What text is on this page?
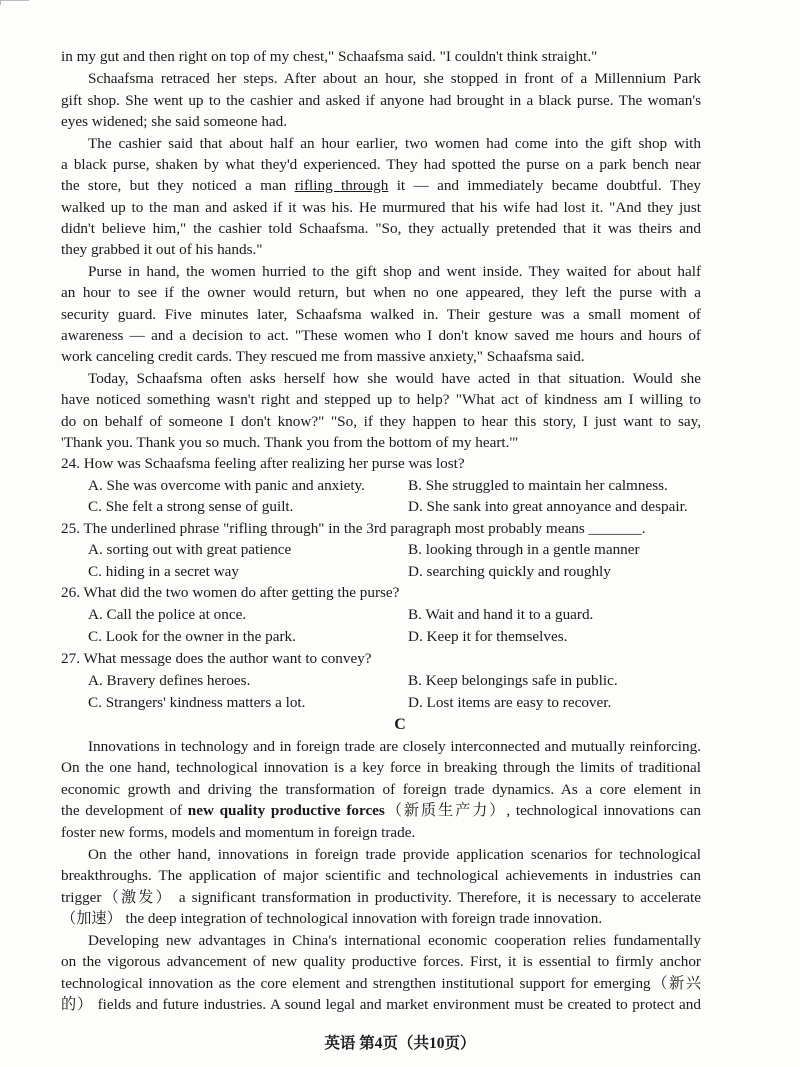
in my gut and then right on top of my chest," Schaafsma said. "I couldn't think straight."
Schaafsma retraced her steps. After about an hour, she stopped in front of a Millennium Park
gift shop. She went up to the cashier and asked if anyone had brought in a black purse. The woman's
eyes widened; she said someone had.
The cashier said that about half an hour earlier, two women had come into the gift shop with
a black purse, shaken by what they'd experienced. They had spotted the purse on a park bench near
the store, but they noticed a man rifling through it — and immediately became doubtful. They
walked up to the man and asked if it was his. He murmured that his wife had lost it. "And they just
didn't believe him," the cashier told Schaafsma. "So, they actually pretended that it was theirs and
they grabbed it out of his hands."
Purse in hand, the women hurried to the gift shop and went inside. They waited for about half
an hour to see if the owner would return, but when no one appeared, they left the purse with a
security guard. Five minutes later, Schaafsma walked in. Their gesture was a small moment of
awareness — and a decision to act. "These women who I don't know saved me hours and hours of
work canceling credit cards. They rescued me from massive anxiety," Schaafsma said.
Today, Schaafsma often asks herself how she would have acted in that situation. Would she
have noticed something wasn't right and stepped up to help? "What act of kindness am I willing to
do on behalf of someone I don't know?" "So, if they happen to hear this story, I just want to say,
'Thank you. Thank you so much. Thank you from the bottom of my heart.'"
24. How was Schaafsma feeling after realizing her purse was lost?
A. She was overcome with panic and anxiety.	B. She struggled to maintain her calmness.
C. She felt a strong sense of guilt.	D. She sank into great annoyance and despair.
25. The underlined phrase "rifling through" in the 3rd paragraph most probably means _______.
A. sorting out with great patience	B. looking through in a gentle manner
C. hiding in a secret way	D. searching quickly and roughly
26. What did the two women do after getting the purse?
A. Call the police at once.	B. Wait and hand it to a guard.
C. Look for the owner in the park.	D. Keep it for themselves.
27. What message does the author want to convey?
A. Bravery defines heroes.	B. Keep belongings safe in public.
C. Strangers' kindness matters a lot.	D. Lost items are easy to recover.
C
Innovations in technology and in foreign trade are closely interconnected and mutually reinforcing.
On the one hand, technological innovation is a key force in breaking through the limits of traditional
economic growth and driving the transformation of foreign trade dynamics. As a core element in
the development of new quality productive forces（新质生产力）, technological innovations can
foster new forms, models and momentum in foreign trade.
On the other hand, innovations in foreign trade provide application scenarios for technological
breakthroughs. The application of major scientific and technological achievements in industries can
trigger（激发） a significant transformation in productivity. Therefore, it is necessary to accelerate
（加速） the deep integration of technological innovation with foreign trade innovation.
Developing new advantages in China's international economic cooperation relies fundamentally
on the vigorous advancement of new quality productive forces. First, it is essential to firmly anchor
technological innovation as the core element and strengthen institutional support for emerging（新兴
的） fields and future industries. A sound legal and market environment must be created to protect and
英语 第4页（共10页）
